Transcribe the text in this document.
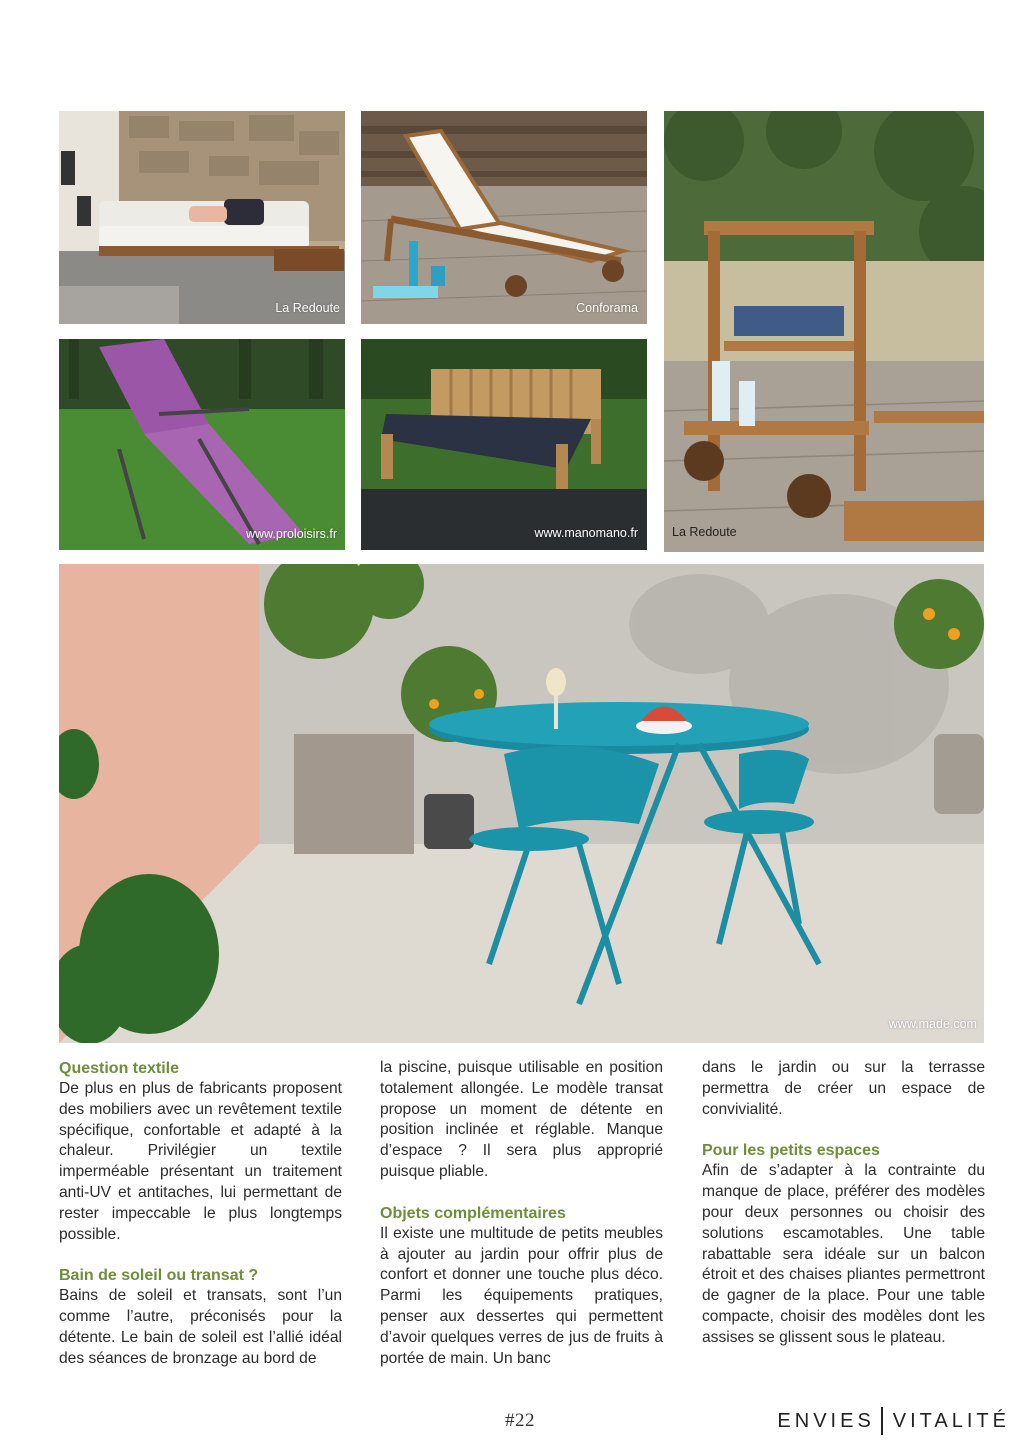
La Redoute	Conforama
La Redoute
www.proloisirs.fr	www.manomano.fr
www.made.com
Question textile

De plus en plus de fabricants proposent des mobiliers avec un revêtement textile spécifique, confortable et adapté à la chaleur. Privilégier un textile imperméable présentant un traitement anti-UV et antitaches, lui permettant de rester impeccable le plus longtemps possible.

Bain de soleil ou transat ?

Bains de soleil et transats, sont l’un comme l’autre, préconisés pour la détente. Le bain de soleil est l’allié idéal des séances de bronzage au bord de

la piscine, puisque utilisable en position totalement allongée. Le modèle transat propose un moment de détente en position inclinée et réglable. Manque d’espace ? Il sera plus approprié puisque pliable.

Objets complémentaires

Il existe une multitude de petits meubles à ajouter au jardin pour offrir plus de confort et donner une touche plus déco. Parmi les équipements pratiques, penser aux dessertes qui permettent d’avoir quelques verres de jus de fruits à portée de main. Un banc

dans le jardin ou sur la terrasse permettra de créer un espace de convivialité.

Pour les petits espaces

Afin de s’adapter à la contrainte du manque de place, préférer des modèles pour deux personnes ou choisir des solutions escamotables. Une table rabattable sera idéale sur un balcon étroit et des chaises pliantes permettront de gagner de la place. Pour une table compacte, choisir des modèles dont les assises se glissent sous le plateau.

#22	ENVIES VITALITÉ
